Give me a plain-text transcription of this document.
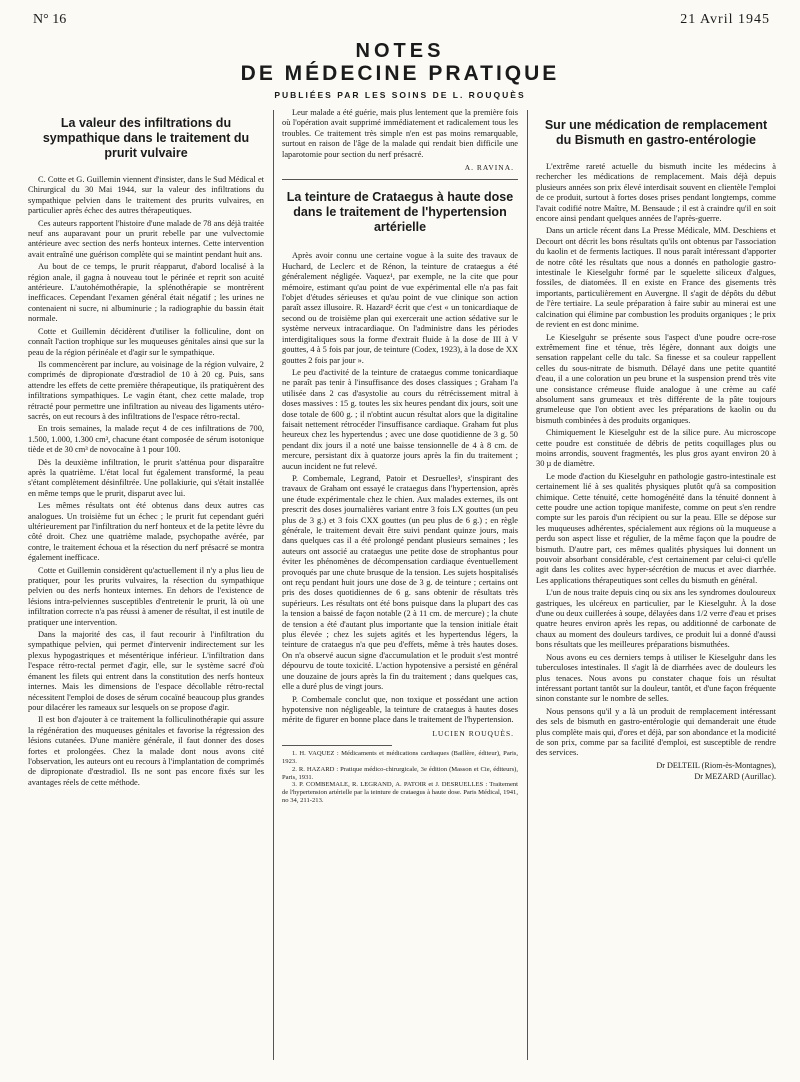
N° 16	21 Avril 1945
NOTES
DE MÉDECINE PRATIQUE
PUBLIÉES PAR LES SOINS DE L. ROUQUÈS
La valeur des infiltrations du sympathique dans le traitement du prurit vulvaire

C. Cotte et G. Guillemin viennent d'insister, dans le Sud Médical et Chirurgical du 30 Mai 1944, sur la valeur des infiltrations du sympathique pelvien dans le traitement des prurits vulvaires, en particulier après échec des autres thérapeutiques.

Ces auteurs rapportent l'histoire d'une malade de 78 ans déjà traitée neuf ans auparavant pour un prurit rebelle par une vulvectomie antérieure avec section des nerfs honteux internes. Cette intervention avait entraîné une guérison complète qui se maintint pendant huit ans.

Au bout de ce temps, le prurit réapparut, d'abord localisé à la région anale, il gagna à nouveau tout le périnée et reprit son acuité antérieure. L'autohémothérapie, la splénothérapie se montrèrent inefficaces. Cependant l'examen général était négatif ; les urines ne contenaient ni sucre, ni albuminurie ; la radiographie du bassin était normale.

Cotte et Guillemin décidèrent d'utiliser la folliculine, dont on connaît l'action trophique sur les muqueuses génitales ainsi que sur la peau de la région périnéale et d'agir sur le sympathique.

Ils commencèrent par inclure, au voisinage de la région vulvaire, 2 comprimés de dipropionate d'œstradiol de 10 à 20 cg. Puis, sans attendre les effets de cette première thérapeutique, ils pratiquèrent des infiltrations sympathiques. Le vagin étant, chez cette malade, trop rétracté pour permettre une infiltration au niveau des ligaments utéro-sacrés, on eut recours à des infiltrations de l'espace rétro-rectal.

En trois semaines, la malade reçut 4 de ces infiltrations de 700, 1.500, 1.000, 1.300 cm³, chacune étant composée de sérum isotonique tiède et de 30 cm³ de novocaïne à 1 pour 100.

Dès la deuxième infiltration, le prurit s'atténua pour disparaître après la quatrième. L'état local fut également transformé, la peau s'étant complètement désinfiltrée. Une pollakiurie, qui s'était installée en même temps que le prurit, disparut avec lui.

Les mêmes résultats ont été obtenus dans deux autres cas analogues. Un troisième fut un échec ; le prurit fut cependant guéri ultérieurement par l'infiltration du nerf honteux et de la petite lèvre du côté droit. Chez une quatrième malade, psychopathe avérée, par contre, le traitement échoua et la résection du nerf présacré se montra également inefficace.

Cotte et Guillemin considèrent qu'actuellement il n'y a plus lieu de pratiquer, pour les prurits vulvaires, la résection du sympathique pelvien ou des nerfs honteux internes. En dehors de l'existence de lésions intra-pelviennes susceptibles d'entretenir le prurit, là où une infiltration correcte n'a pas réussi à amener de résultat, il est inutile de pratiquer une intervention.

Dans la majorité des cas, il faut recourir à l'infiltration du sympathique pelvien, qui permet d'intervenir indirectement sur les plexus hypogastriques et mésentérique inférieur. L'infiltration dans l'espace rétro-rectal permet d'agir, elle, sur le système sacré d'où émanent les filets qui entrent dans la constitution des nerfs honteux internes. Mais les dimensions de l'espace décollable rétro-rectal nécessitent l'emploi de doses de sérum cocaïné beaucoup plus grandes pour dilacérer les rameaux sur lesquels on se propose d'agir.

Il est bon d'ajouter à ce traitement la folliculinothérapie qui assure la régénération des muqueuses génitales et favorise la régression des lésions cutanées. D'une manière générale, il faut donner des doses fortes et prolongées. Chez la malade dont nous avons cité l'observation, les auteurs ont eu recours à l'implantation de comprimés de dipropionate d'œstradiol. Ils ne sont pas encore fixés sur les avantages réels de cette méthode.

Leur malade a été guérie, mais plus lentement que la première fois où l'opération avait supprimé immédiatement et radicalement tous les troubles. Ce traitement très simple n'en est pas moins remarquable, surtout en raison de l'âge de la malade qui rendait bien difficile une laparotomie pour section du nerf présacré.

A. RAVINA.
La teinture de Crataegus à haute dose dans le traitement de l'hypertension artérielle

Après avoir connu une certaine vogue à la suite des travaux de Huchard, de Leclerc et de Rénon, la teinture de crataegus a été généralement négligée. Vaquez¹, par exemple, ne la cite que pour mémoire, estimant qu'au point de vue expérimental elle n'a pas fait l'objet d'études sérieuses et qu'au point de vue clinique son action paraît assez illusoire. R. Hazard² écrit que c'est « un tonicardiaque de second ou de troisième plan qui exercerait une action sédative sur le système nerveux intracardiaque. On l'administre dans les périodes interdigitaliques sous la forme d'extrait fluide à la dose de III à V gouttes, 4 à 5 fois par jour, de teinture (Codex, 1923), à la dose de XX gouttes 2 fois par jour ».

Le peu d'activité de la teinture de crataegus comme tonicardiaque ne paraît pas tenir à l'insuffisance des doses classiques ; Graham l'a utilisée dans 2 cas d'asystolie au cours du rétrécissement mitral à doses massives : 15 g. toutes les six heures pendant dix jours, soit une dose totale de 600 g. ; il n'obtint aucun résultat alors que la digitaline faisait nettement rétrocéder l'insuffisance cardiaque. Graham fut plus heureux chez les hypertendus ; avec une dose quotidienne de 3 g. 50 pendant dix jours il a noté une baisse tensionnelle de 4 à 8 cm. de mercure, persistant dix à quatorze jours après la fin du traitement ; aucun incident ne fut relevé.

P. Combemale, Legrand, Patoir et Desruelles³, s'inspirant des travaux de Graham ont essayé le crataegus dans l'hypertension, après une étude expérimentale chez le chien. Aux malades externes, ils ont prescrit des doses journalières variant entre 3 fois LX gouttes (un peu plus de 3 g.) et 3 fois CXX gouttes (un peu plus de 6 g.) ; en règle générale, le traitement devait être suivi pendant quinze jours, mais dans quelques cas il a été prolongé pendant plusieurs semaines ; les auteurs ont associé au crataegus une petite dose de strophantus pour éviter les phénomènes de décompensation cardiaque éventuellement provoqués par une chute brusque de la tension. Les sujets hospitalisés ont reçu pendant huit jours une dose de 3 g. de teinture ; certains ont pris des doses quotidiennes de 6 g. sans obtenir de résultats très supérieurs. Les résultats ont été bons puisque dans la plupart des cas la tension a baissé de façon notable (2 à 11 cm. de mercure) ; la chute de tension a été d'autant plus importante que la tension initiale était plus élevée ; chez les sujets agités et les hypertendus légers, la teinture de crataegus n'a que peu d'effets, même à très hautes doses. On n'a observé aucun signe d'accumulation et le produit s'est montré dépourvu de toute toxicité. L'action hypotensive a persisté en général une douzaine de jours après la fin du traitement ; dans quelques cas, elle a duré plus de vingt jours.

P. Combemale conclut que, non toxique et possédant une action hypotensive non négligeable, la teinture de crataegus à hautes doses mérite de figurer en bonne place dans le traitement de l'hypertension.

LUCIEN ROUQUÈS.

1. H. VAQUEZ : Médicaments et médications cardiaques (Baillère, éditeur), Paris, 1923.

2. R. HAZARD : Pratique médico-chirurgicale, 3e édition (Masson et Cie, éditeurs), Paris, 1931.

3. P. COMBEMALE, R. LEGRAND, A. PATOIR et J. DESRUELLES : Traitement de l'hypertension artérielle par la teinture de crataegus à haute dose. Paris Médical, 1941, no 34, 211-213.

Sur une médication de remplacement du Bismuth en gastro-entérologie

L'extrême rareté actuelle du bismuth incite les médecins à rechercher les médications de remplacement. Mais déjà depuis plusieurs années son prix élevé interdisait souvent en clientèle l'emploi de ce produit, surtout à fortes doses prises pendant longtemps, comme l'avait codifié notre Maître, M. Bensaude ; il est à craindre qu'il en soit encore ainsi pendant quelques années de l'après-guerre.

Dans un article récent dans La Presse Médicale, MM. Deschiens et Decourt ont décrit les bons résultats qu'ils ont obtenus par l'association du kaolin et de ferments lactiques. Il nous paraît intéressant d'apporter de notre côté les résultats que nous a donnés en pathologie gastro-intestinale le Kieselguhr formé par le squelette siliceux d'algues, fossiles, de diatomées. Il en existe en France des gisements très importants, particulièrement en Auvergne. Il s'agit de dépôts du début de l'ère tertiaire. La seule préparation à faire subir au minerai est une calcination qui élimine par combustion les produits organiques ; le prix de revient en est donc minime.

Le Kieselguhr se présente sous l'aspect d'une poudre ocre-rose extrêmement fine et ténue, très légère, donnant aux doigts une sensation rappelant celle du talc. Sa finesse et sa couleur rappellent celles du sous-nitrate de bismuth. Délayé dans une petite quantité d'eau, il a une coloration un peu brune et la suspension prend très vite une consistance crémeuse fluide analogue à une crème au café absolument sans grumeaux et très différente de la pâte toujours grumeleuse que l'on obtient avec les préparations de kaolin ou du bismuth combinées à des produits organiques.

Chimiquement le Kieselguhr est de la silice pure. Au microscope cette poudre est constituée de débris de petits coquillages plus ou moins arrondis, souvent fragmentés, les plus gros ayant environ 20 à 30 µ de diamètre.

Le mode d'action du Kieselguhr en pathologie gastro-intestinale est certainement lié à ses qualités physiques plutôt qu'à sa composition chimique. Cette ténuité, cette homogénéité dans la ténuité donnent à cette poudre une action topique manifeste, comme on peut s'en rendre compte sur les parois d'un récipient ou sur la peau. Elle se dépose sur les muqueuses adhérentes, spécialement aux régions où la muqueuse a perdu son aspect lisse et régulier, de la même façon que la poudre de bismuth. D'autre part, ces mêmes qualités physiques lui donnent un pouvoir absorbant considérable, c'est certainement par celui-ci qu'elle agit dans les colites avec hyper-sécrétion de mucus et avec diarrhée. Les applications thérapeutiques sont celles du bismuth en général.

L'un de nous traite depuis cinq ou six ans les syndromes douloureux gastriques, les ulcéreux en particulier, par le Kieselguhr. À la dose d'une ou deux cuillerées à soupe, délayées dans 1/2 verre d'eau et prises quatre heures environ après les repas, ou additionné de carbonate de chaux au moment des douleurs tardives, ce produit lui a donné d'aussi bons résultats que les meilleures préparations bismuthées.

Nous avons eu ces derniers temps à utiliser le Kieselguhr dans les tuberculoses intestinales. Il s'agit là de diarrhées avec de douleurs les plus tenaces. Nous avons pu constater chaque fois un résultat intéressant portant tantôt sur la douleur, tantôt, et d'une façon fréquente sinon constante sur le nombre de selles.

Nous pensons qu'il y a là un produit de remplacement intéressant des sels de bismuth en gastro-entérologie qui demanderait une étude plus complète mais qui, d'ores et déjà, par son abondance et la modicité de son prix, comme par sa facilité d'emploi, est susceptible de rendre des services.

Dr DELTEIL (Riom-ès-Montagnes),
Dr MEZARD (Aurillac).
